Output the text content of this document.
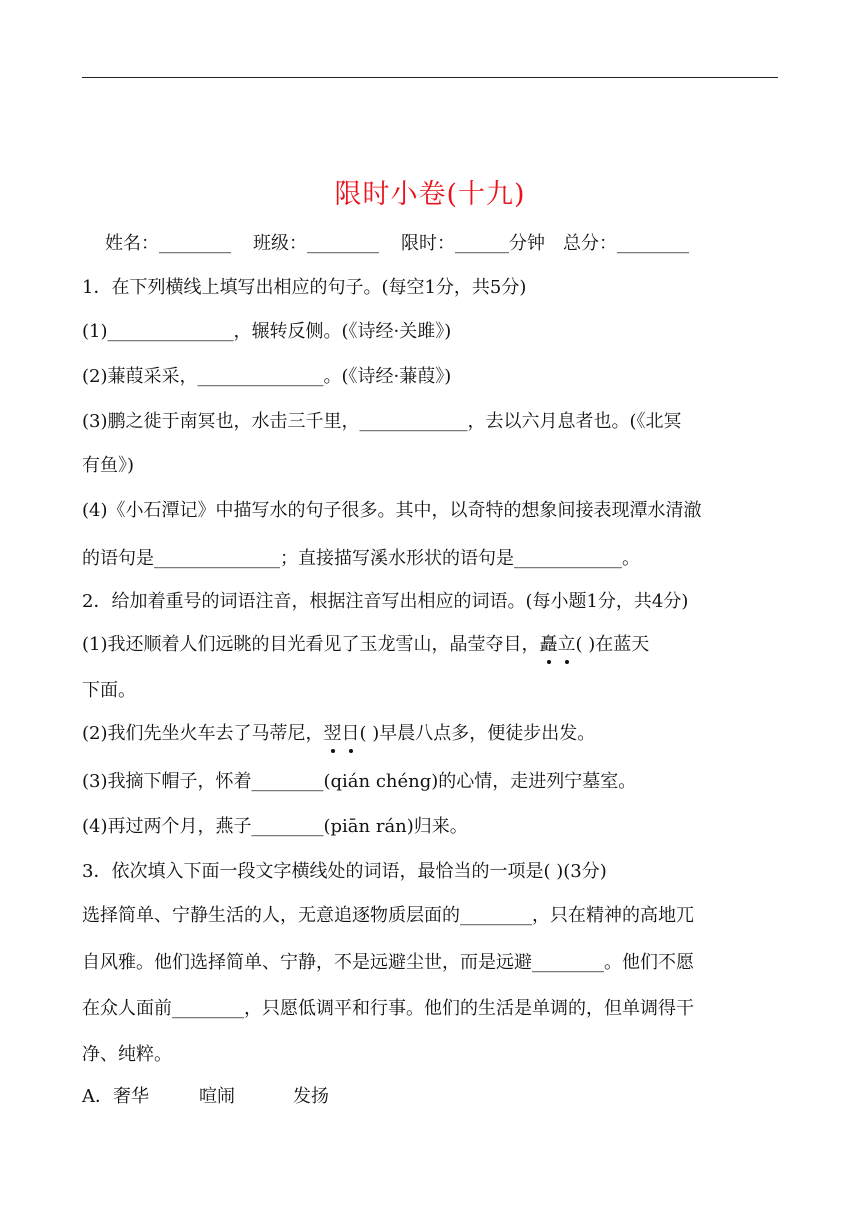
限时小卷(十九)
姓名：________ 班级：________ 限时：______分钟 总分：________
1．在下列横线上填写出相应的句子。(每空1分，共5分)
(1)______________，辗转反侧。(《诗经·关雎》)
(2)蒹葭采采，______________。(《诗经·蒹葭》)
(3)鹏之徙于南冥也，水击三千里，____________，去以六月息者也。(《北冥
有鱼》)
(4)《小石潭记》中描写水的句子很多。其中，以奇特的想象间接表现潭水清澈
的语句是______________；直接描写溪水形状的语句是____________。
2．给加着重号的词语注音，根据注音写出相应的词语。(每小题1分，共4分)
(1)我还顺着人们远眺的目光看见了玉龙雪山，晶莹夺目，矗立( )在蓝天
下面。
(2)我们先坐火车去了马蒂尼，翌日( )早晨八点多，便徒步出发。
(3)我摘下帽子，怀着________(qián chéng)的心情，走进列宁墓室。
(4)再过两个月，燕子________(piān rán)归来。
3．依次填入下面一段文字横线处的词语，最恰当的一项是( )(3分)
选择简单、宁静生活的人，无意追逐物质层面的________，只在精神的高地兀
自风雅。他们选择简单、宁静，不是远避尘世，而是远避________。他们不愿
在众人面前________，只愿低调平和行事。他们的生活是单调的，但单调得干
净、纯粹。
A．奢华	喧闹	发扬
